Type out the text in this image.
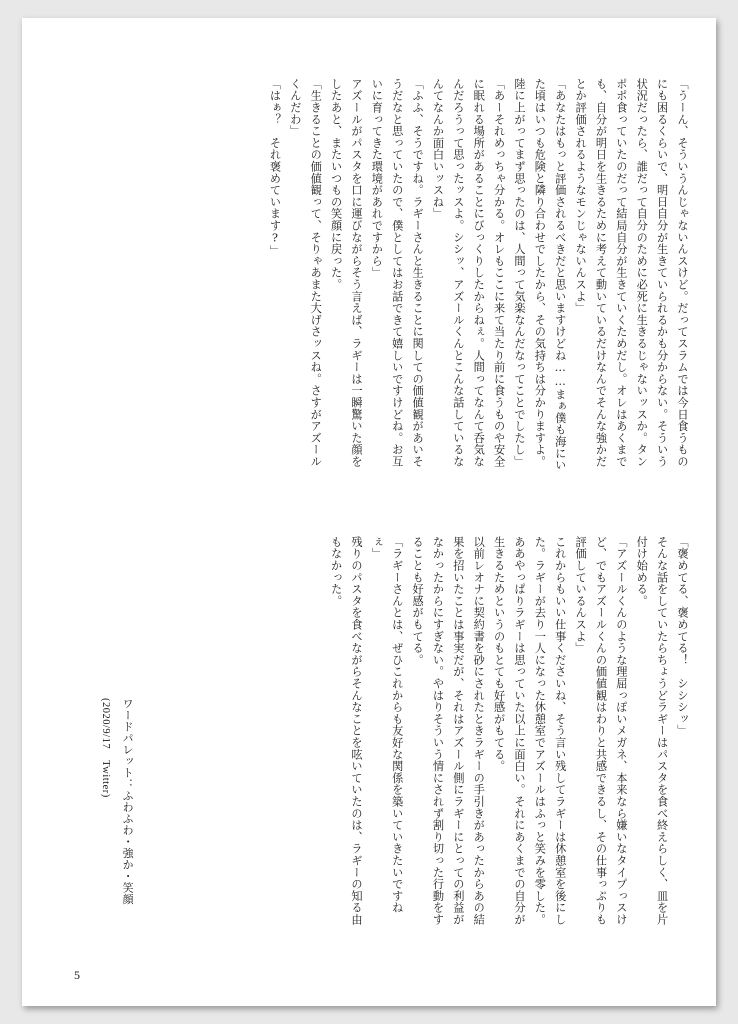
「うーん、そういうんじゃないんスけど。だってスラムでは今日食うものにも困るくらいで、明日自分が生きていられるかも分からない。そういう状況だったら、誰だって自分のために必死に生きるじゃないッスか。タンポポ食っていたのだって結局自分が生きていくためだし。オレはあくまでも、自分が明日を生きるために考えて動いているだけなんでそんな強かだとか評価されるようなモンじゃないんスよ」

「あなたはもっと評価されるべきだと思いますけどね……まぁ僕も海にいた頃はいつも危険と隣り合わせでしたから、その気持ちは分かりますよ。陸に上がってまず思ったのは、人間って気楽なんだなってことでしたし」

「あーそれめっちゃ分かる。オレもここに来て当たり前に食うものや安全に眠れる場所があることにびっくりしたからねぇ。人間ってなんて呑気なんだろうって思ったッスよ。シシッ、アズールくんとこんな話しているなんてなんか面白いッスね」

「ふふ、そうですね。ラギーさんと生きることに関しての価値観があいそうだなと思っていたので、僕としてはお話できて嬉しいですけどね。お互いに育ってきた環境があれですから」

アズールがパスタを口に運びながらそう言えば、ラギーは一瞬驚いた顔をしたあと、またいつもの笑顔に戻った。

「生きることの価値観って、そりゃあまた大げさッスね。さすがアズールくんだわ」

「はぁ？　それ褒めています?」

「褒めてる、褒めてる！　シシシッ」

そんな話をしていたらちょうどラギーはパスタを食べ終えらしく、皿を片付け始める。

「アズールくんのような理屈っぽいメガネ、本来なら嫌いなタイプっスけど、でもアズールくんの価値観はわりと共感できるし、その仕事っぷりも評価しているんスよ」

これからもいい仕事くださいね、そう言い残してラギーは休憩室を後にした。ラギーが去り一人になった休憩室でアズールはふっと笑みを零した。

ああやっぱりラギーは思っていた以上に面白い。それにあくまでの自分が生きるためというのもとても好感がもてる。

以前レオナに契約書を砂にされたときラギーの手引きがあったからあの結果を招いたことは事実だが、それはアズール側にラギーにとっての利益がなかったからにすぎない。やはりそういう情にされず割り切った行動をすることも好感がもてる。

「ラギーさんとは、ぜひこれからも友好な関係を築いていきたいですねぇ」

残りのパスタを食べながらそんなことを呟いていたのは、ラギーの知る由もなかった。

ワードパレット：ふわふわ・強か・笑顔

(2020/9/17　Twitter)

5
